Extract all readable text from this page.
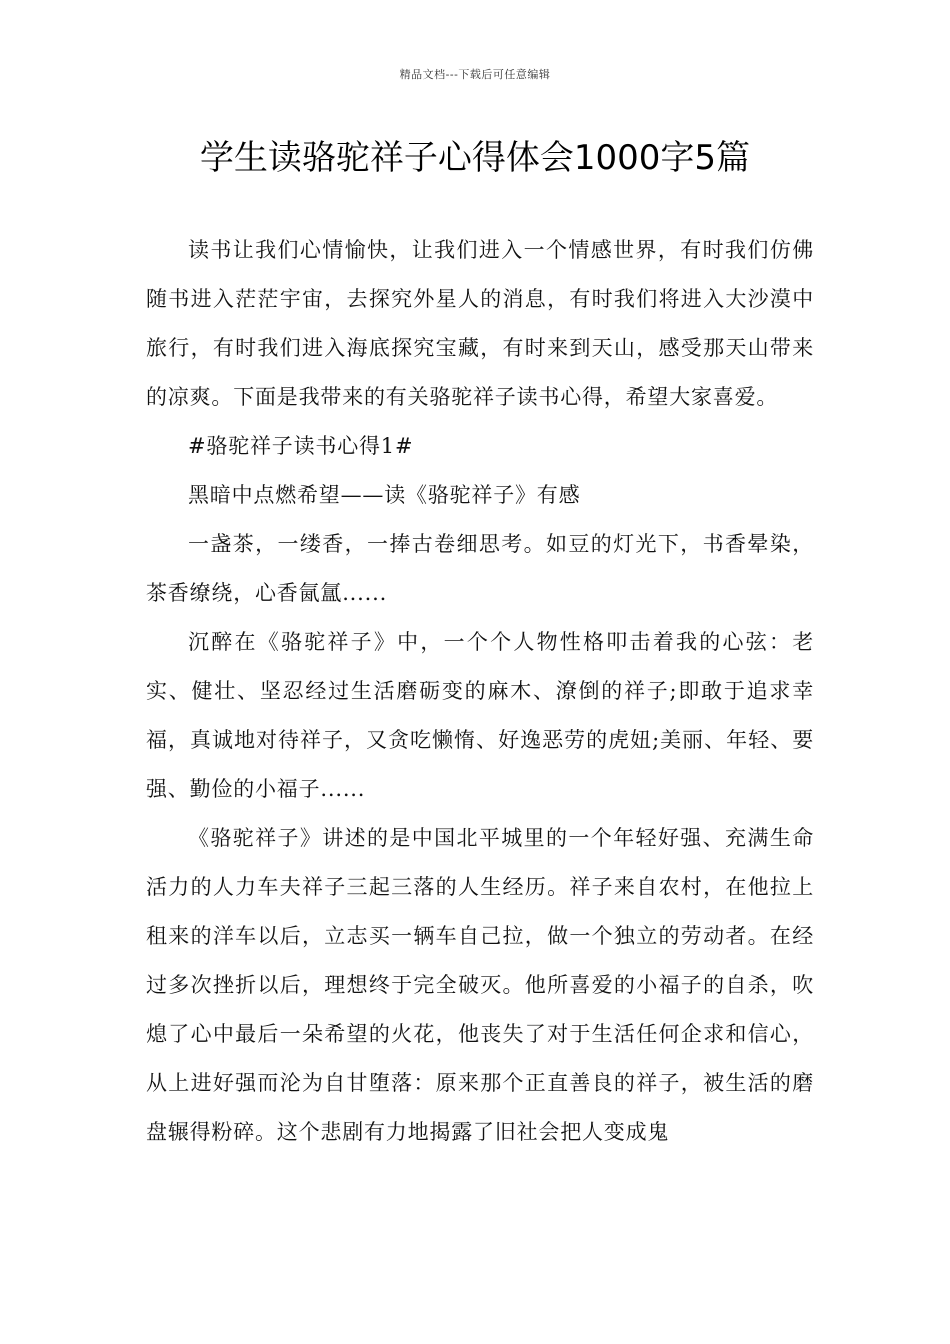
精品文档---下载后可任意编辑
学生读骆驼祥子心得体会1000字5篇

读书让我们心情愉快，让我们进入一个情感世界，有时我们仿佛随书进入茫茫宇宙，去探究外星人的消息，有时我们将进入大沙漠中旅行，有时我们进入海底探究宝藏，有时来到天山，感受那天山带来的凉爽。下面是我带来的有关骆驼祥子读书心得，希望大家喜爱。

#骆驼祥子读书心得1#

黑暗中点燃希望——读《骆驼祥子》有感

一盏茶，一缕香，一捧古卷细思考。如豆的灯光下，书香晕染，茶香缭绕，心香氤氲......

沉醉在《骆驼祥子》中，一个个人物性格叩击着我的心弦：老实、健壮、坚忍经过生活磨砺变的麻木、潦倒的祥子;即敢于追求幸福，真诚地对待祥子，又贪吃懒惰、好逸恶劳的虎妞;美丽、年轻、要强、勤俭的小福子......

《骆驼祥子》讲述的是中国北平城里的一个年轻好强、充满生命活力的人力车夫祥子三起三落的人生经历。祥子来自农村，在他拉上租来的洋车以后，立志买一辆车自己拉，做一个独立的劳动者。在经过多次挫折以后，理想终于完全破灭。他所喜爱的小福子的自杀，吹熄了心中最后一朵希望的火花，他丧失了对于生活任何企求和信心，从上进好强而沦为自甘堕落：原来那个正直善良的祥子，被生活的磨盘辗得粉碎。这个悲剧有力地揭露了旧社会把人变成鬼
